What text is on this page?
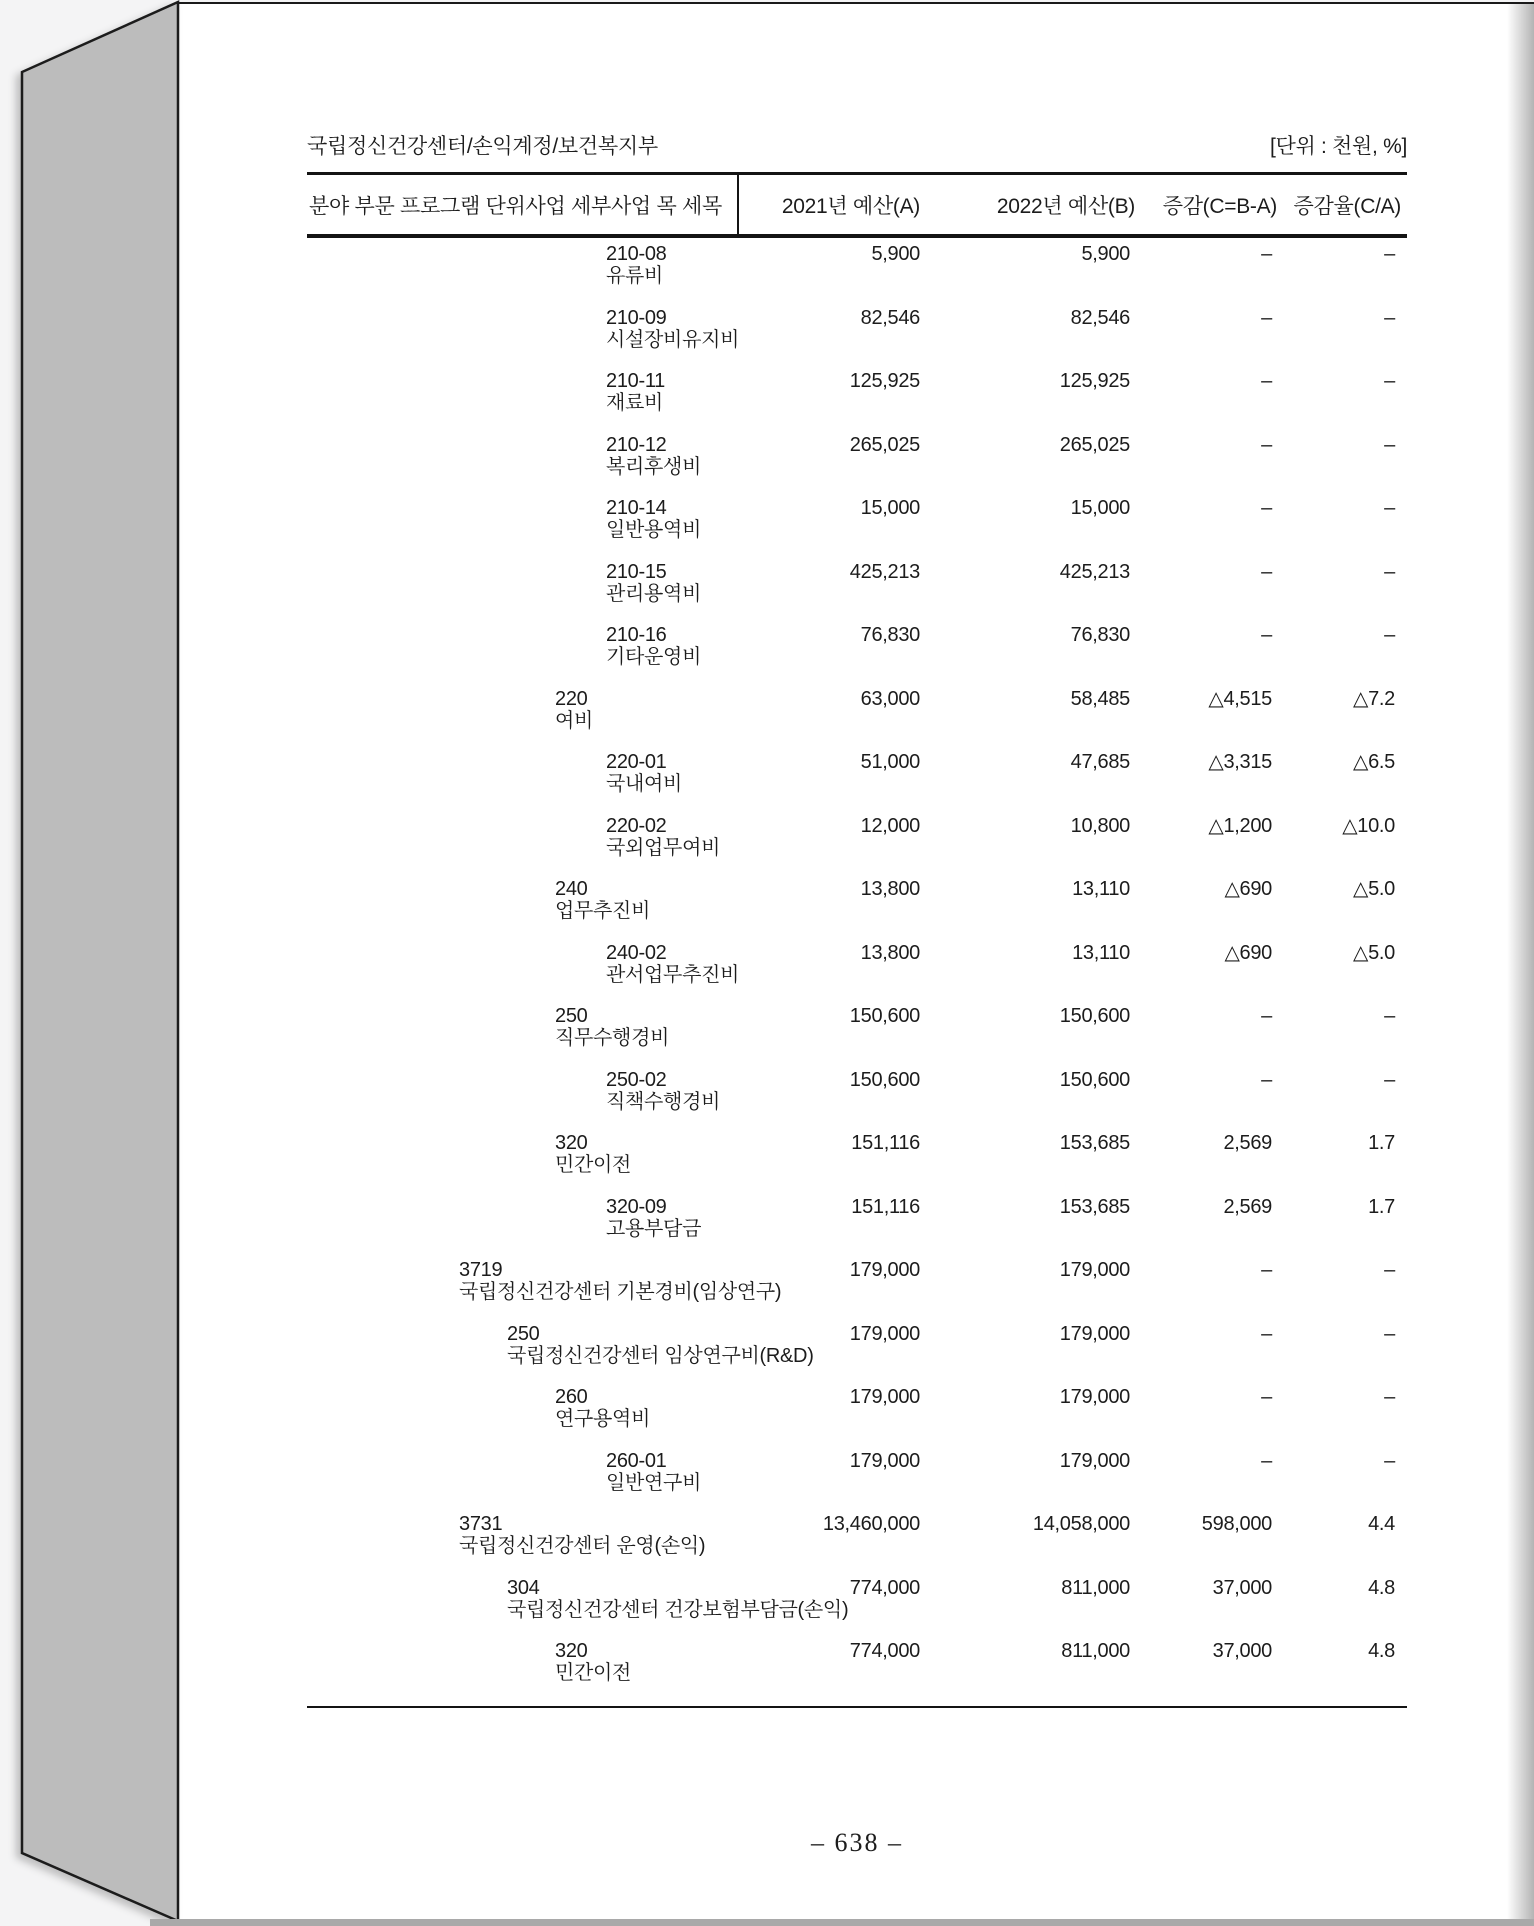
국립정신건강센터/손익계정/보건복지부	[단위 : 천원, %]
분야 부문 프로그램 단위사업 세부사업 목 세목	2021년 예산(A)	2022년 예산(B)	증감(C=B-A) 증감율(C/A)
210-08
유류비
5,900	5,900	–	–
210-09
시설장비유지비
82,546	82,546	–	–
210-11
재료비
125,925	125,925	–	–
210-12
복리후생비
265,025	265,025	–	–
210-14
일반용역비
15,000	15,000	–	–
210-15
관리용역비
425,213	425,213	–	–
210-16
기타운영비
76,830	76,830	–	–
220
여비
63,000	58,485	△4,515	△7.2
220-01
국내여비
51,000	47,685	△3,315	△6.5
220-02
국외업무여비
12,000	10,800	△1,200	△10.0
240
업무추진비
13,800	13,110	△690	△5.0
240-02
관서업무추진비
13,800	13,110	△690	△5.0
250
직무수행경비
150,600	150,600	–	–
250-02
직책수행경비
150,600	150,600	–	–
320
민간이전
151,116	153,685	2,569	1.7
320-09
고용부담금
151,116	153,685	2,569	1.7
3719
국립정신건강센터 기본경비(임상연구)
179,000	179,000	–	–
250
국립정신건강센터 임상연구비(R&D)
179,000	179,000	–	–
260
연구용역비
179,000	179,000	–	–
260-01
일반연구비
179,000	179,000	–	–
3731
국립정신건강센터 운영(손익)
13,460,000	14,058,000	598,000	4.4
304
국립정신건강센터 건강보험부담금(손익)
774,000	811,000	37,000	4.8
320
민간이전
774,000	811,000	37,000	4.8
– 638 –
